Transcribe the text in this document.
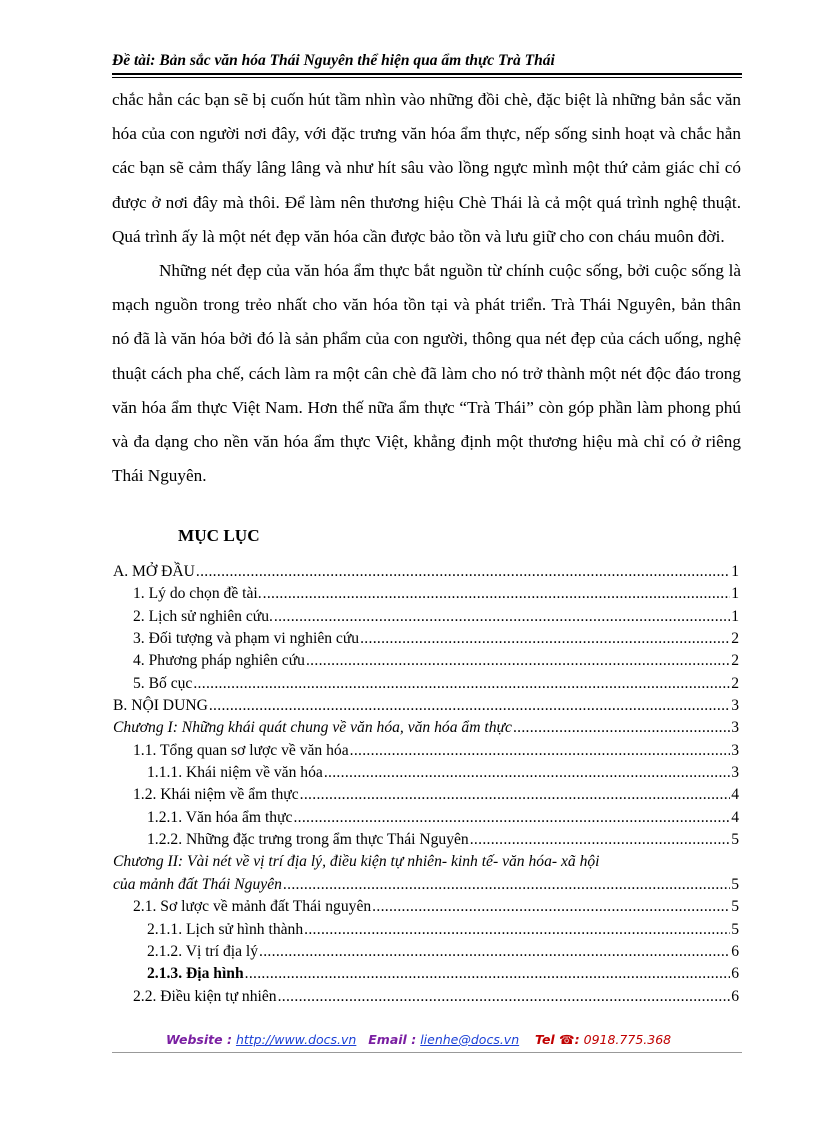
Đề tài: Bản sắc văn hóa Thái Nguyên thể hiện qua ẩm thực Trà Thái

chắc hẳn các bạn sẽ bị cuốn hút tầm nhìn vào những đồi chè, đặc biệt là những bản sắc văn hóa của con người nơi đây, với đặc trưng văn hóa ẩm thực, nếp sống sinh hoạt và chắc hẳn các bạn sẽ cảm thấy lâng lâng và như hít sâu vào lồng ngực mình một thứ cảm giác chỉ có được ở nơi đây mà thôi. Để làm nên thương hiệu Chè Thái là cả một quá trình nghệ thuật. Quá trình ấy là một nét đẹp văn hóa cần được bảo tồn và lưu giữ cho con cháu muôn đời.

Những nét đẹp của văn hóa ẩm thực bắt nguồn từ chính cuộc sống, bởi cuộc sống là mạch nguồn trong trẻo nhất cho văn hóa tồn tại và phát triển. Trà Thái Nguyên, bản thân nó đã là văn hóa bởi đó là sản phẩm của con người, thông qua nét đẹp của cách uống, nghệ thuật cách pha chế, cách làm ra một cân chè đã làm cho nó trở thành một nét độc đáo trong văn hóa ẩm thực Việt Nam. Hơn thế nữa ẩm thực “Trà Thái” còn góp phần làm phong phú và đa dạng cho nền văn hóa ẩm thực Việt, khẳng định một thương hiệu mà chỉ có ở riêng Thái Nguyên.

MỤC LỤC
A. MỞ ĐẦU .....	1
1. Lý do chọn đề tài. .....	1
2. Lịch sử nghiên cứu. .....	1
3. Đối tượng và phạm vi nghiên cứu .....	2
4. Phương pháp nghiên cứu .....	2
5. Bố cục .....	2
B. NỘI DUNG .....	3
Chương I: Những khái quát chung về văn hóa, văn hóa ẩm thực .....	3
1.1. Tổng quan sơ lược về văn hóa .....	3
1.1.1. Khái niệm về văn hóa .....	3
1.2. Khái niệm về ẩm thực .....	4
1.2.1. Văn hóa ẩm thực .....	4
1.2.2. Những đặc trưng trong ẩm thực Thái Nguyên .....	5
Chương II: Vài nét về vị trí địa lý, điều kiện tự nhiên- kinh tế- văn hóa- xã hội
của mảnh đất Thái Nguyên .....	5
2.1. Sơ lược về mảnh đất Thái nguyên .....	5
2.1.1. Lịch sử hình thành .....	5
2.1.2. Vị trí địa lý .....	6
2.1.3. Địa hình .....	6
2.2. Điều kiện tự nhiên .....	6
Website : http://www.docs.vn Email : lienhe@docs.vn Tel ☎: 0918.775.368
